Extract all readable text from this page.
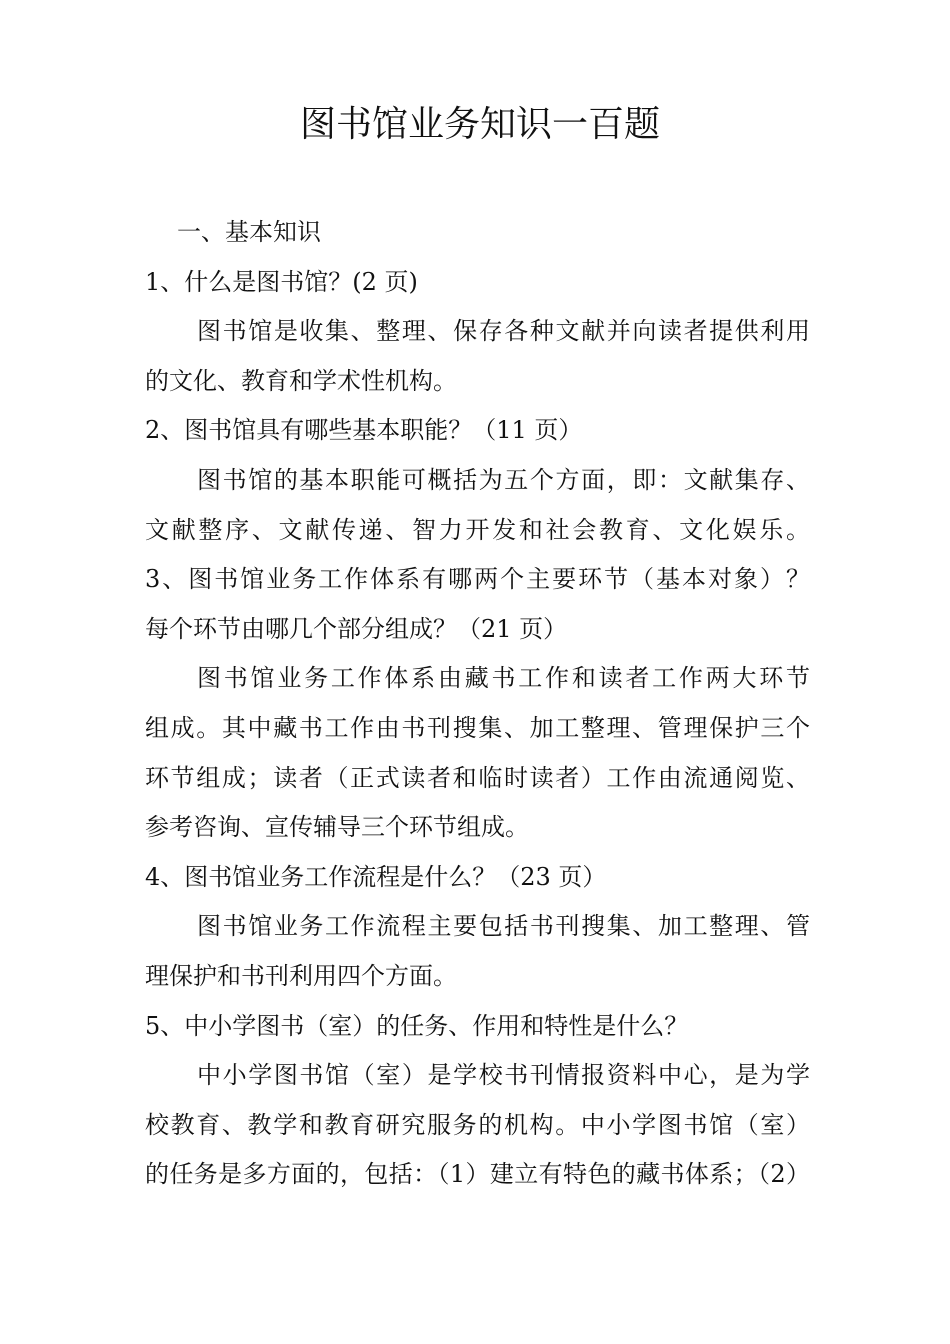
图书馆业务知识一百题
一、基本知识
1、什么是图书馆？(2 页)
图书馆是收集、整理、保存各种文献并向读者提供利用
的文化、教育和学术性机构。
2、图书馆具有哪些基本职能？（11 页）
图书馆的基本职能可概括为五个方面，即：文献集存、
文献整序、文献传递、智力开发和社会教育、文化娱乐。
3、图书馆业务工作体系有哪两个主要环节（基本对象）？
每个环节由哪几个部分组成？（21 页）
图书馆业务工作体系由藏书工作和读者工作两大环节
组成。其中藏书工作由书刊搜集、加工整理、管理保护三个
环节组成；读者（正式读者和临时读者）工作由流通阅览、
参考咨询、宣传辅导三个环节组成。
4、图书馆业务工作流程是什么？（23 页）
图书馆业务工作流程主要包括书刊搜集、加工整理、管
理保护和书刊利用四个方面。
5、中小学图书（室）的任务、作用和特性是什么？
中小学图书馆（室）是学校书刊情报资料中心，是为学
校教育、教学和教育研究服务的机构。中小学图书馆（室）
的任务是多方面的，包括：（1）建立有特色的藏书体系；（2）
